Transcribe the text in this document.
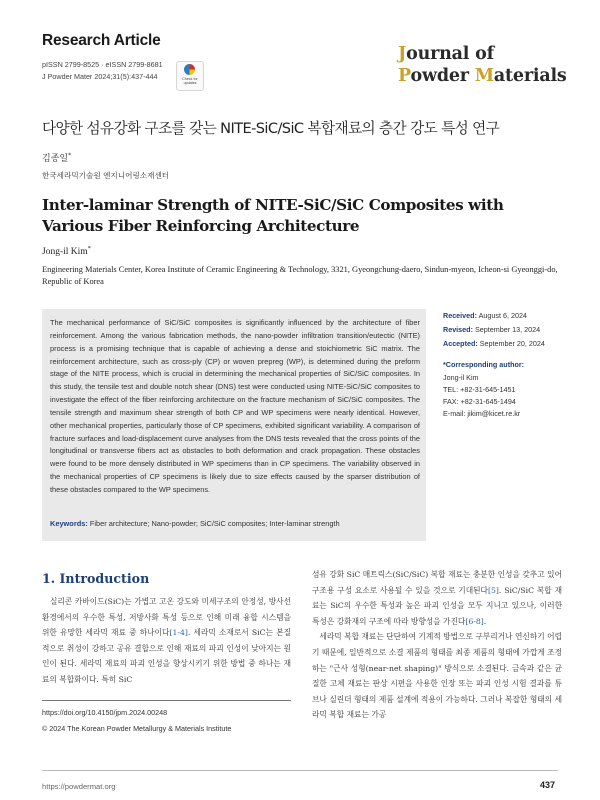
Research Article
pISSN 2799-8525 · eISSN 2799-8681
J Powder Mater 2024;31(5):437-444	Check for updates
Journal of
Powder Materials
다양한 섬유강화 구조를 갖는 NITE-SiC/SiC 복합재료의 층간 강도 특성 연구
김종일*
한국세라믹기술원 엔지니어링소재센터
Inter-laminar Strength of NITE-SiC/SiC Composites with Various Fiber Reinforcing Architecture
Jong-il Kim*
Engineering Materials Center, Korea Institute of Ceramic Engineering & Technology, 3321, Gyeongchung-daero, Sindun-myeon, Icheon-si Gyeonggi-do, Republic of Korea
The mechanical performance of SiC/SiC composites is significantly influenced by the architecture of fiber reinforcement. Among the various fabrication methods, the nano-powder infiltration transition/eutectic (NITE) process is a promising technique that is capable of achieving a dense and stoichiometric SiC matrix. The reinforcement architecture, such as cross-ply (CP) or woven prepreg (WP), is determined during the preform stage of the NITE process, which is crucial in determining the mechanical properties of SiC/SiC composites. In this study, the tensile test and double notch shear (DNS) test were conducted using NITE-SiC/SiC composites to investigate the effect of the fiber reinforcing architecture on the fracture mechanism of SiC/SiC composites. The tensile strength and maximum shear strength of both CP and WP specimens were nearly identical. However, other mechanical properties, particularly those of CP specimens, exhibited significant variability. A comparison of fracture surfaces and load-displacement curve analyses from the DNS tests revealed that the cross points of the longitudinal or transverse fibers act as obstacles to both deformation and crack propagation. These obstacles were found to be more densely distributed in WP specimens than in CP specimens. The variability observed in the mechanical properties of CP specimens is likely due to size effects caused by the sparser distribution of these obstacles compared to the WP specimens.
Keywords: Fiber architecture; Nano-powder; SiC/SiC composites; Inter-laminar strength
Received: August 6, 2024
Revised: September 13, 2024
Accepted: September 20, 2024
*Corresponding author:
Jong-il Kim
TEL: +82-31-645-1451
FAX: +82-31-645-1494
E-mail: jikim@kicet.re.kr
1. Introduction
실리콘 카바이드(SiC)는 가볍고 고온 강도와 미세구조의 안정성, 방사선 환경에서의 우수한 특성, 저방사화 특성 등으로 인해 미래 융합 시스템을 위한 유망한 세라믹 재료 중 하나이다[1-4]. 세라믹 소재로서 SiC는 본질적으로 취성이 강하고 공유 결합으로 인해 재료의 파괴 인성이 낮아지는 원인이 된다. 세라믹 재료의 파괴 인성을 향상시키기 위한 방법 중 하나는 재료의 복합화이다. 특히 SiC
섬유 강화 SiC 매트릭스(SiC/SiC) 복합 재료는 충분한 인성을 갖추고 있어 구조용 구성 요소로 사용될 수 있을 것으로 기대된다[5]. SiC/SiC 복합 재료는 SiC의 우수한 특성과 높은 파괴 인성을 모두 지니고 있으나, 이러한 특성은 강화재의 구조에 따라 방향성을 가진다[6-8].
세라믹 복합 재료는 단단하여 기계적 방법으로 구부리거나 연신하기 어렵기 때문에, 일반적으로 소결 제품의 형태를 최종 제품의 형태에 가깝게 조정하는 "근사 성형(near-net shaping)" 방식으로 소결된다. 금속과 같은 균질한 고체 재료는 판상 시편을 사용한 인장 또는 파괴 인성 시험 결과를 튜브나 실린더 형태의 제품 설계에 적용이 가능하다. 그러나 복잡한 형태의 세라믹 복합 재료는 가공
https://doi.org/10.4150/jpm.2024.00248
© 2024 The Korean Powder Metallurgy & Materials Institute
https://powdermat.org	437
